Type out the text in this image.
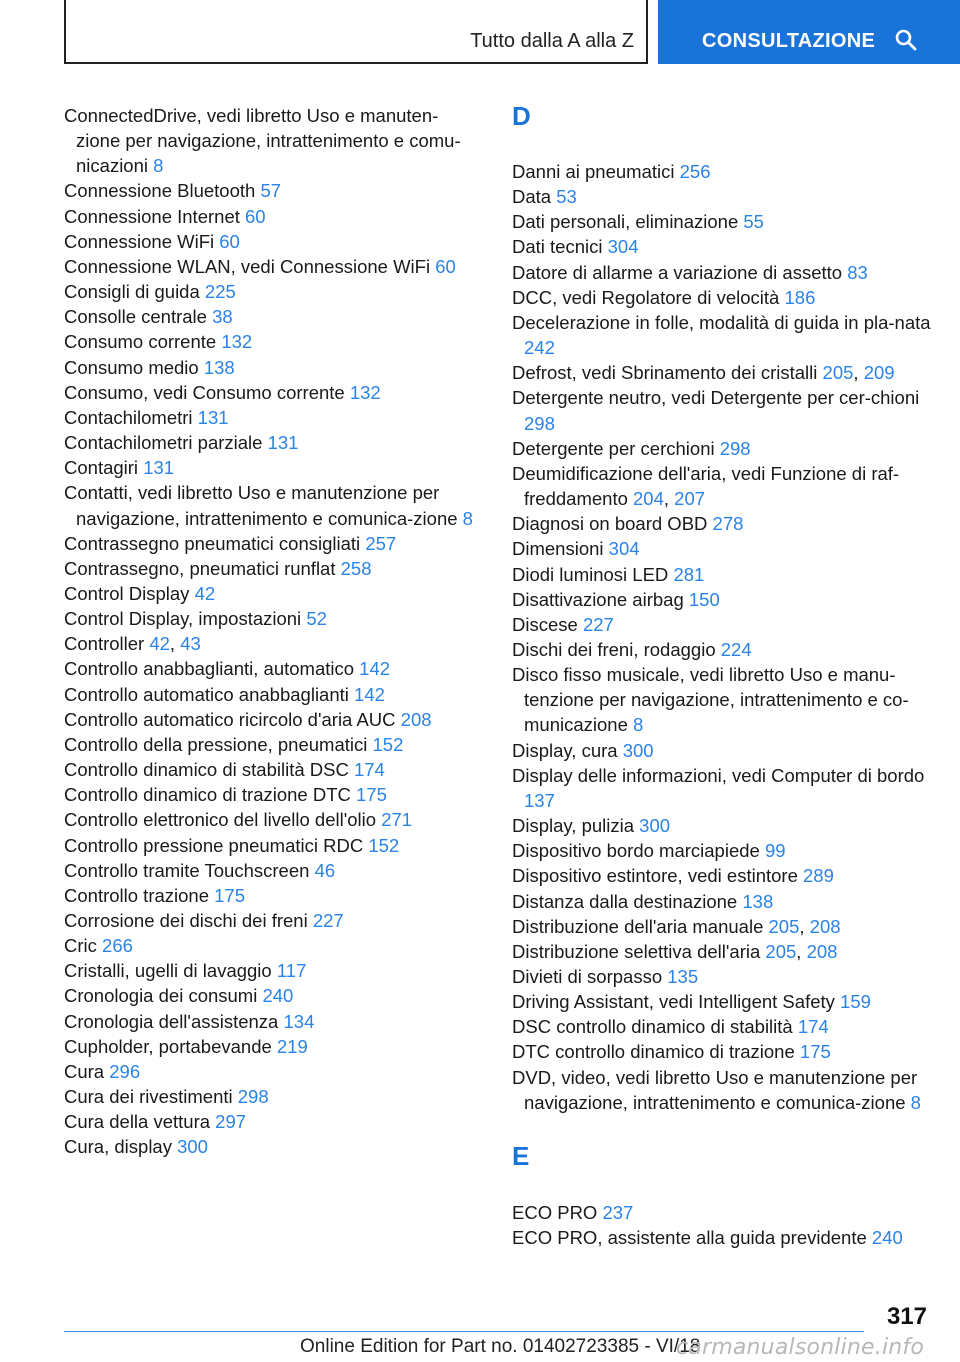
Tutto dalla A alla Z	CONSULTAZIONE
ConnectedDrive, vedi libretto Uso e manuten-zione per navigazione, intrattenimento e comu-nicazioni 8
Connessione Bluetooth 57
Connessione Internet 60
Connessione WiFi 60
Connessione WLAN, vedi Connessione WiFi 60
Consigli di guida 225
Consolle centrale 38
Consumo corrente 132
Consumo medio 138
Consumo, vedi Consumo corrente 132
Contachilometri 131
Contachilometri parziale 131
Contagiri 131
Contatti, vedi libretto Uso e manutenzione per navigazione, intrattenimento e comunica-zione 8
Contrassegno pneumatici consigliati 257
Contrassegno, pneumatici runflat 258
Control Display 42
Control Display, impostazioni 52
Controller 42, 43
Controllo anabbaglianti, automatico 142
Controllo automatico anabbaglianti 142
Controllo automatico ricircolo d'aria AUC 208
Controllo della pressione, pneumatici 152
Controllo dinamico di stabilità DSC 174
Controllo dinamico di trazione DTC 175
Controllo elettronico del livello dell'olio 271
Controllo pressione pneumatici RDC 152
Controllo tramite Touchscreen 46
Controllo trazione 175
Corrosione dei dischi dei freni 227
Cric 266
Cristalli, ugelli di lavaggio 117
Cronologia dei consumi 240
Cronologia dell'assistenza 134
Cupholder, portabevande 219
Cura 296
Cura dei rivestimenti 298
Cura della vettura 297
Cura, display 300
D
Danni ai pneumatici 256
Data 53
Dati personali, eliminazione 55
Dati tecnici 304
Datore di allarme a variazione di assetto 83
DCC, vedi Regolatore di velocità 186
Decelerazione in folle, modalità di guida in pla-nata 242
Defrost, vedi Sbrinamento dei cristalli 205, 209
Detergente neutro, vedi Detergente per cer-chioni 298
Detergente per cerchioni 298
Deumidificazione dell'aria, vedi Funzione di raf-freddamento 204, 207
Diagnosi on board OBD 278
Dimensioni 304
Diodi luminosi LED 281
Disattivazione airbag 150
Discese 227
Dischi dei freni, rodaggio 224
Disco fisso musicale, vedi libretto Uso e manu-tenzione per navigazione, intrattenimento e co-municazione 8
Display, cura 300
Display delle informazioni, vedi Computer di bordo 137
Display, pulizia 300
Dispositivo bordo marciapiede 99
Dispositivo estintore, vedi estintore 289
Distanza dalla destinazione 138
Distribuzione dell'aria manuale 205, 208
Distribuzione selettiva dell'aria 205, 208
Divieti di sorpasso 135
Driving Assistant, vedi Intelligent Safety 159
DSC controllo dinamico di stabilità 174
DTC controllo dinamico di trazione 175
DVD, video, vedi libretto Uso e manutenzione per navigazione, intrattenimento e comunica-zione 8
E
ECO PRO 237
ECO PRO, assistente alla guida previdente 240
317
Online Edition for Part no. 01402723385 - VI/18
carmanualsonline.info
